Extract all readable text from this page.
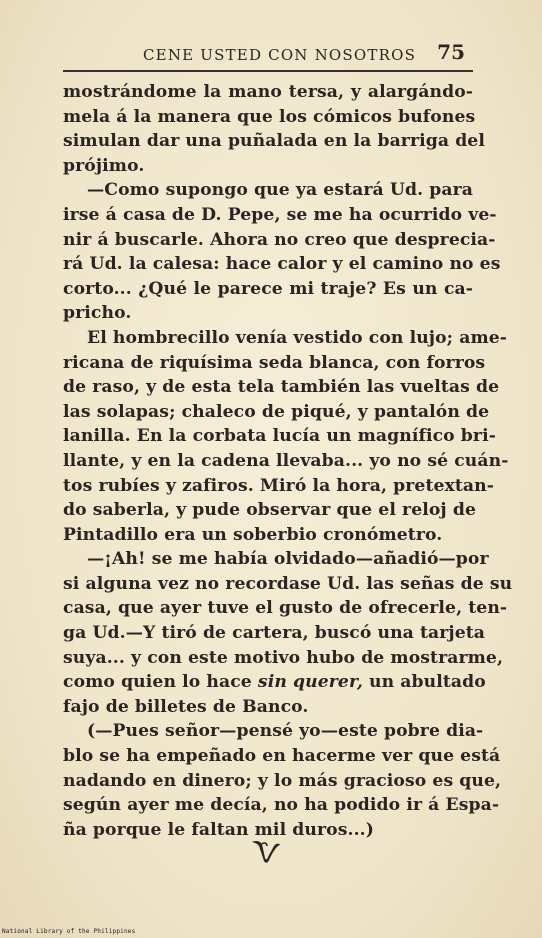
CENE USTED CON NOSOTROS 75
mostrándome la mano tersa, y alargándo-
mela á la manera que los cómicos bufones
simulan dar una puñalada en la barriga del
prójimo.
—Como supongo que ya estará Ud. para
irse á casa de D. Pepe, se me ha ocurrido ve-
nir á buscarle. Ahora no creo que desprecia-
rá Ud. la calesa: hace calor y el camino no es
corto... ¿Qué le parece mi traje? Es un ca-
pricho.
El hombrecillo venía vestido con lujo; ame-
ricana de riquísima seda blanca, con forros
de raso, y de esta tela también las vueltas de
las solapas; chaleco de piqué, y pantalón de
lanilla. En la corbata lucía un magnífico bri-
llante, y en la cadena llevaba... yo no sé cuán-
tos rubíes y zafiros. Miró la hora, pretextan-
do saberla, y pude observar que el reloj de
Pintadillo era un soberbio cronómetro.
—¡Ah! se me había olvidado—añadió—por
si alguna vez no recordase Ud. las señas de su
casa, que ayer tuve el gusto de ofrecerle, ten-
ga Ud.—Y tiró de cartera, buscó una tarjeta
suya... y con este motivo hubo de mostrarme,
como quien lo hace sin querer, un abultado
fajo de billetes de Banco.
(—Pues señor—pensé yo—este pobre dia-
blo se ha empeñado en hacerme ver que está
nadando en dinero; y lo más gracioso es que,
según ayer me decía, no ha podido ir á Espa-
ña porque le faltan mil duros...)
National Library of the Philippines
